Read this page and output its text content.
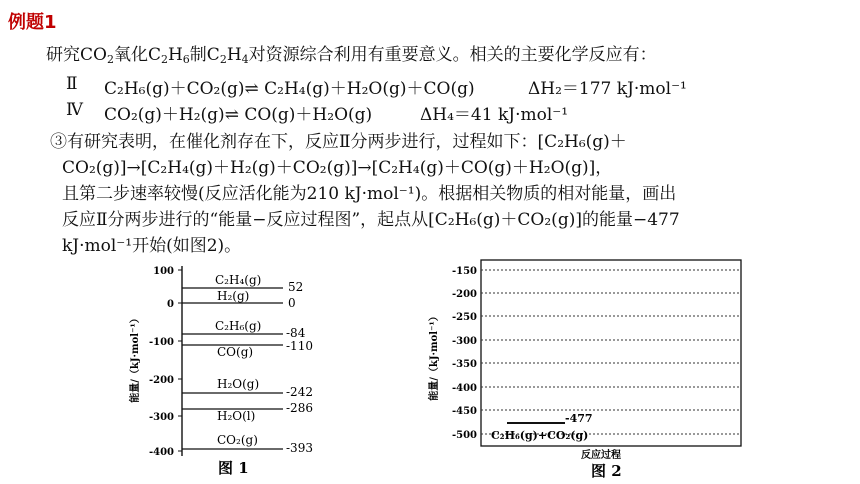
例题1
研究$CO_2$氧化$C_2H_6$制$C_2H_4$对资源综合利用有重要意义。相关的主要化学反应有：
Ⅱ C₂H₆(g)＋CO₂(g)⇌ C₂H₄(g)＋H₂O(g)＋CO(g)	ΔH₂＝177 kJ·mol⁻¹
Ⅳ CO₂(g)＋H₂(g)⇌ CO(g)＋H₂O(g)	ΔH₄＝41 kJ·mol⁻¹
③有研究表明，在催化剂存在下，反应Ⅱ分两步进行，过程如下：[C₂H₆(g)＋
CO₂(g)]→[C₂H₄(g)＋H₂(g)＋CO₂(g)]→[C₂H₄(g)＋CO(g)＋H₂O(g)]，
且第二步速率较慢(反应活化能为210 kJ·mol⁻¹)。根据相关物质的相对能量，画出
反应Ⅱ分两步进行的“能量−反应过程图”，起点从[C₂H₆(g)＋CO₂(g)]的能量−477
kJ·mol⁻¹开始(如图2)。
能量/（kJ·mol⁻¹）
100
0
-100
-200
-300
-400
C₂H₄(g) 52
H₂(g)	0
C₂H₆(g) -84
CO(g)	-110
H₂O(g)
-242
H₂O(l)
-286
CO₂(g)
-393
图 1
能量/（kJ·mol⁻¹）
-150
-200
-250
-300
-350
-400
-450
-500
-477
C₂H₆(g)+CO₂(g)
反应过程
图 2
